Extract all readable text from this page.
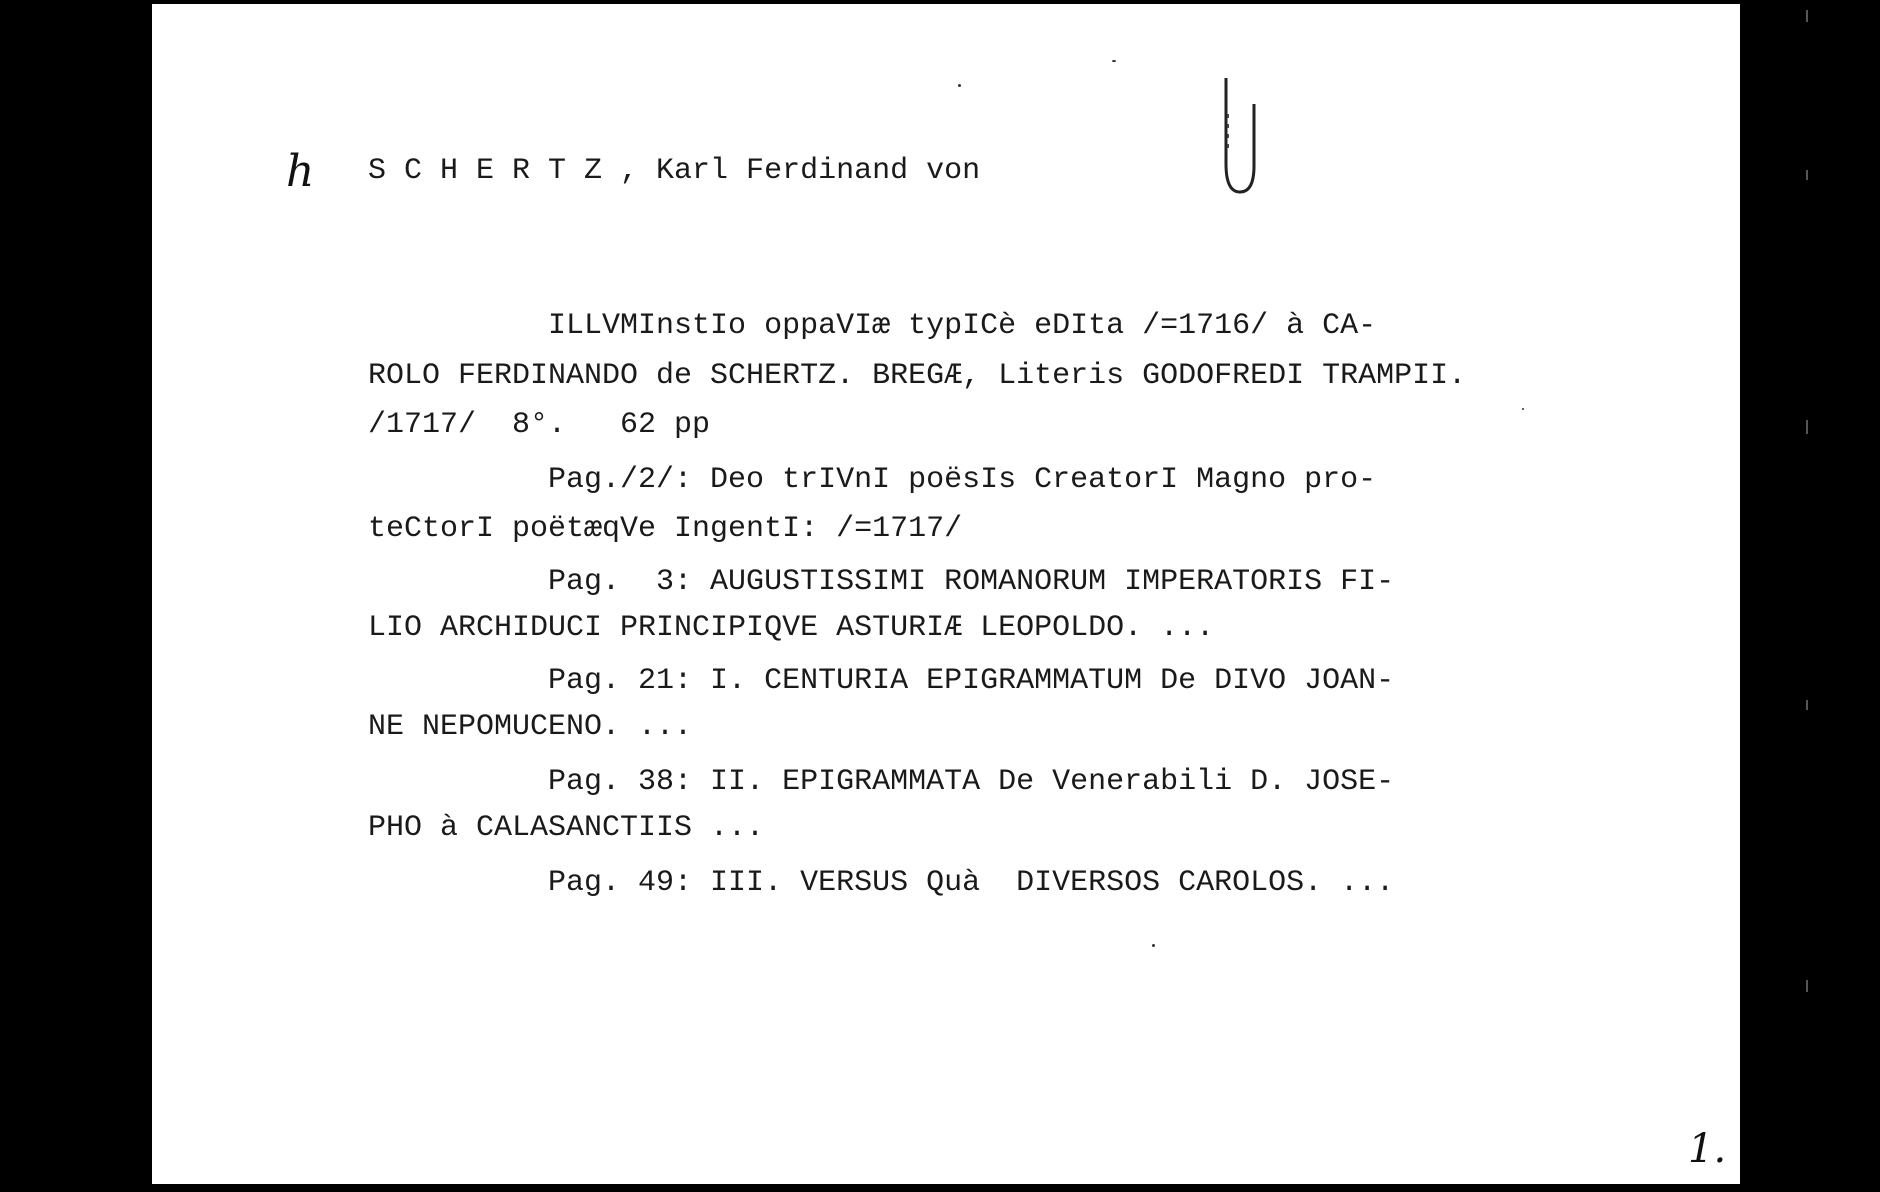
h S C H E R T Z , Karl Ferdinand von
ILLVMInstIo oppaVIæ typICè eDIta /=1716/ à CA-
ROLO FERDINANDO de SCHERTZ. BREGÆ, Literis GODOFREDI TRAMPII.
/1717/  8°.   62 pp
Pag./2/: Deo trIVnI poësIs CreatorI Magno pro-
teCtorI poëtæqVe IngentI: /=1717/
Pag.  3: AUGUSTISSIMI ROMANORUM IMPERATORIS FI-
LIO ARCHIDUCI PRINCIPIQVE ASTURIÆ LEOPOLDO. ...
Pag. 21: I. CENTURIA EPIGRAMMATUM De DIVO JOAN-
NE NEPOMUCENO. ...
Pag. 38: II. EPIGRAMMATA De Venerabili D. JOSE-
PHO à CALASANCTIIS ...
Pag. 49: III. VERSUS Quà  DIVERSOS CAROLOS. ...
1.
